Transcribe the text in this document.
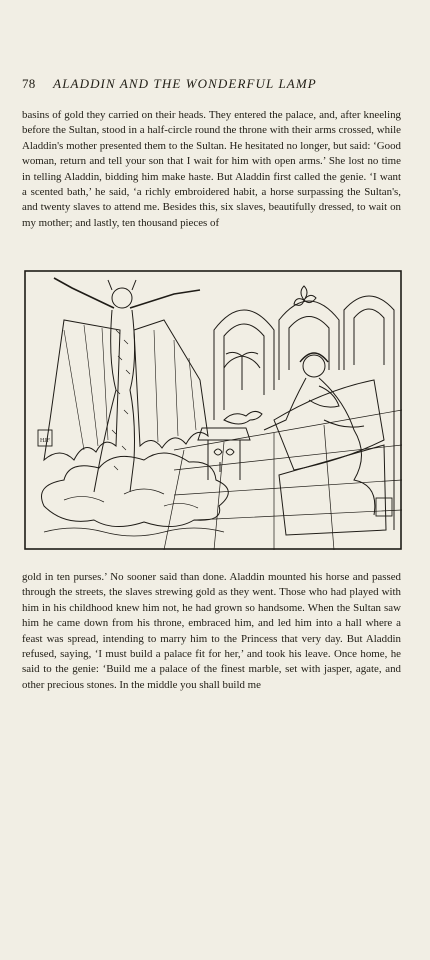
78 ALADDIN AND THE WONDERFUL LAMP

basins of gold they carried on their heads. They entered the palace, and, after kneeling before the Sultan, stood in a half-circle round the throne with their arms crossed, while Aladdin's mother presented them to the Sultan. He hesitated no longer, but said: ‘Good woman, return and tell your son that I wait for him with open arms.’ She lost no time in telling Aladdin, bidding him make haste. But Aladdin first called the genie. ‘I want a scented bath,’ he said, ‘a richly embroidered habit, a horse surpassing the Sultan's, and twenty slaves to attend me. Besides this, six slaves, beautifully dressed, to wait on my mother; and lastly, ten thousand pieces of

HJF

gold in ten purses.’ No sooner said than done. Aladdin mounted his horse and passed through the streets, the slaves strewing gold as they went. Those who had played with him in his childhood knew him not, he had grown so handsome. When the Sultan saw him he came down from his throne, embraced him, and led him into a hall where a feast was spread, intending to marry him to the Princess that very day. But Aladdin refused, saying, ‘I must build a palace fit for her,’ and took his leave. Once home, he said to the genie: ‘Build me a palace of the finest marble, set with jasper, agate, and other precious stones. In the middle you shall build me
